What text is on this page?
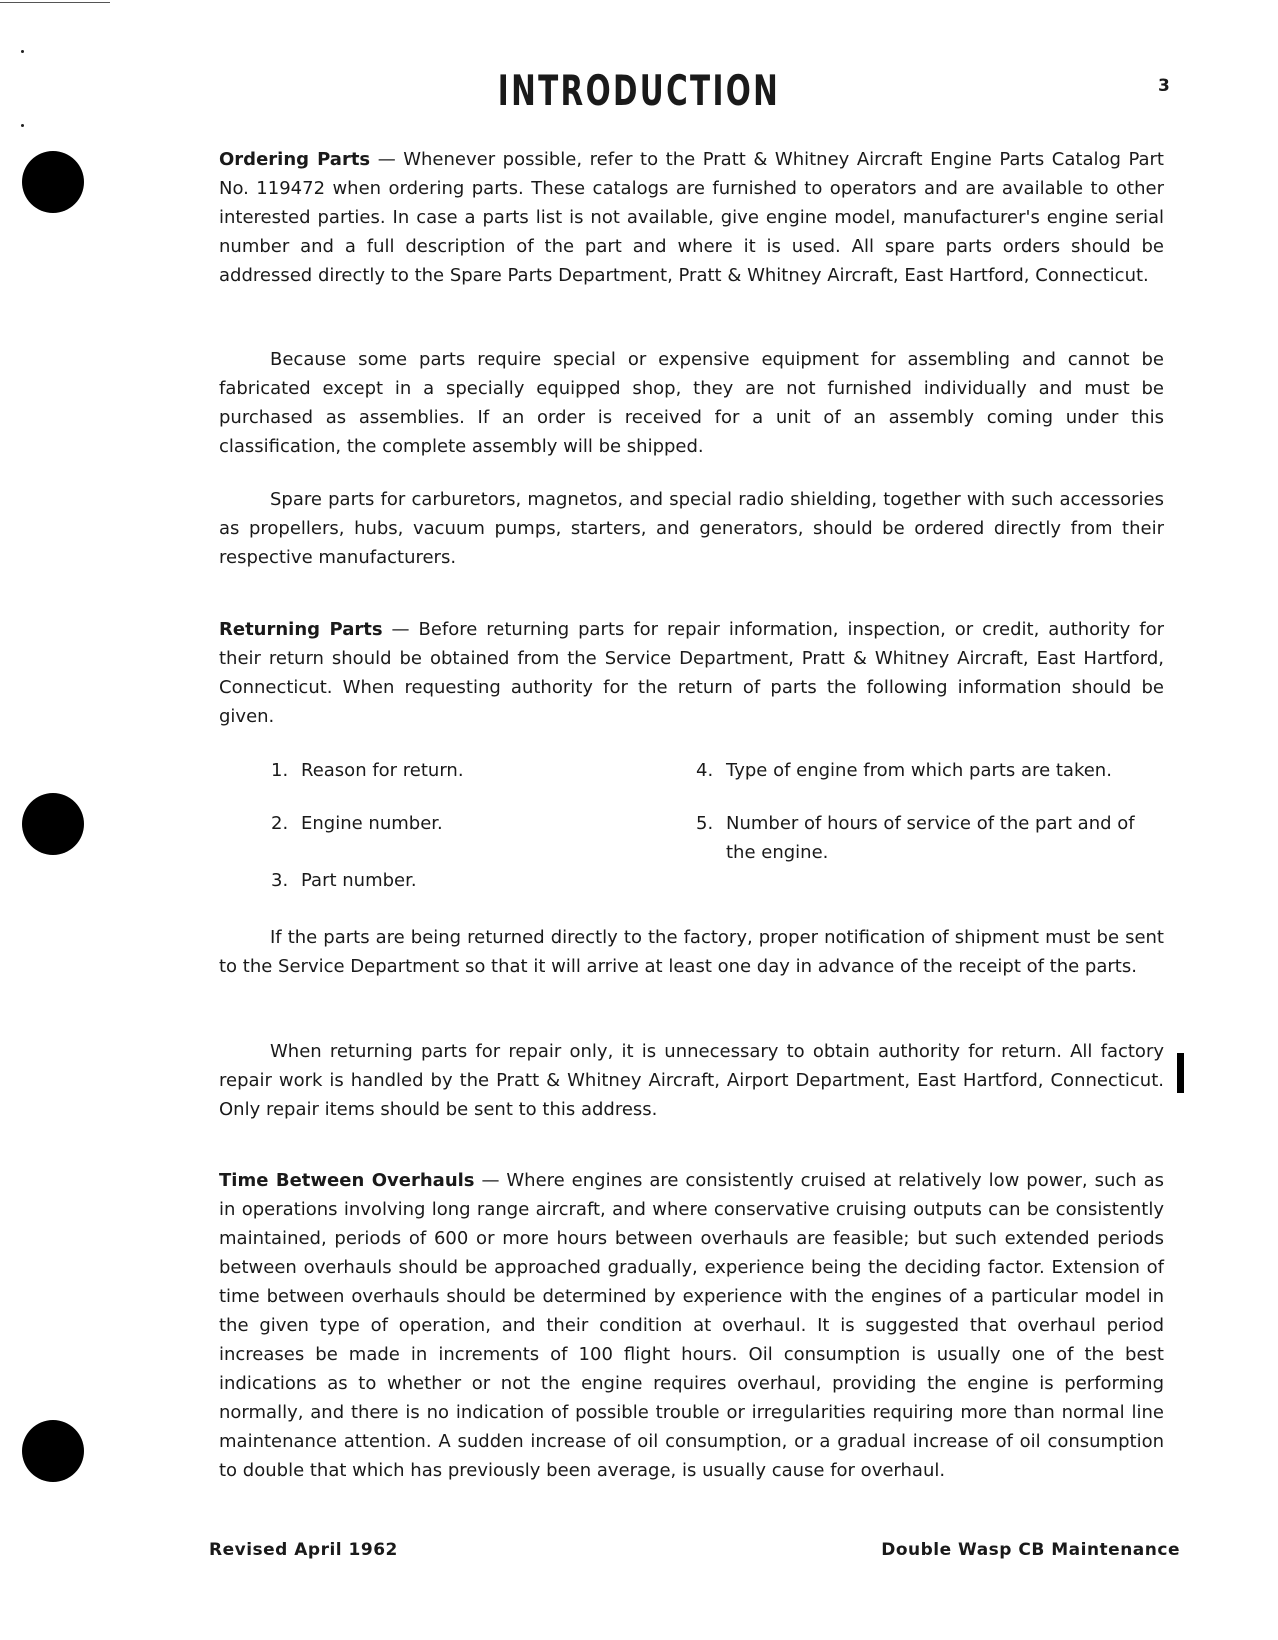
INTRODUCTION	3

Ordering Parts — Whenever possible, refer to the Pratt & Whitney Aircraft Engine Parts Catalog Part No. 119472 when ordering parts. These catalogs are furnished to operators and are available to other interested parties. In case a parts list is not available, give engine model, manufacturer's engine serial number and a full description of the part and where it is used. All spare parts orders should be addressed directly to the Spare Parts Department, Pratt & Whitney Aircraft, East Hartford, Connecticut.

Because some parts require special or expensive equipment for assembling and cannot be fabricated except in a specially equipped shop, they are not furnished individually and must be purchased as assemblies. If an order is received for a unit of an assembly coming under this classification, the complete assembly will be shipped.

Spare parts for carburetors, magnetos, and special radio shielding, together with such accessories as propellers, hubs, vacuum pumps, starters, and generators, should be ordered directly from their respective manufacturers.

Returning Parts — Before returning parts for repair information, inspection, or credit, authority for their return should be obtained from the Service Department, Pratt & Whitney Aircraft, East Hartford, Connecticut. When requesting authority for the return of parts the following information should be given.

1. Reason for return.
2. Engine number.
3. Part number.
4. Type of engine from which parts are taken.
5. Number of hours of service of the part and of the engine.

If the parts are being returned directly to the factory, proper notification of shipment must be sent to the Service Department so that it will arrive at least one day in advance of the receipt of the parts.

When returning parts for repair only, it is unnecessary to obtain authority for return. All factory repair work is handled by the Pratt & Whitney Aircraft, Airport Department, East Hartford, Connecticut. Only repair items should be sent to this address.

Time Between Overhauls — Where engines are consistently cruised at relatively low power, such as in operations involving long range aircraft, and where conservative cruising outputs can be consistently maintained, periods of 600 or more hours between overhauls are feasible; but such extended periods between overhauls should be approached gradually, experience being the deciding factor. Extension of time between overhauls should be determined by experience with the engines of a particular model in the given type of operation, and their condition at overhaul. It is suggested that overhaul period increases be made in increments of 100 flight hours. Oil consumption is usually one of the best indications as to whether or not the engine requires overhaul, providing the engine is performing normally, and there is no indication of possible trouble or irregularities requiring more than normal line maintenance attention. A sudden increase of oil consumption, or a gradual increase of oil consumption to double that which has previously been average, is usually cause for overhaul.

Revised April 1962	Double Wasp CB Maintenance
